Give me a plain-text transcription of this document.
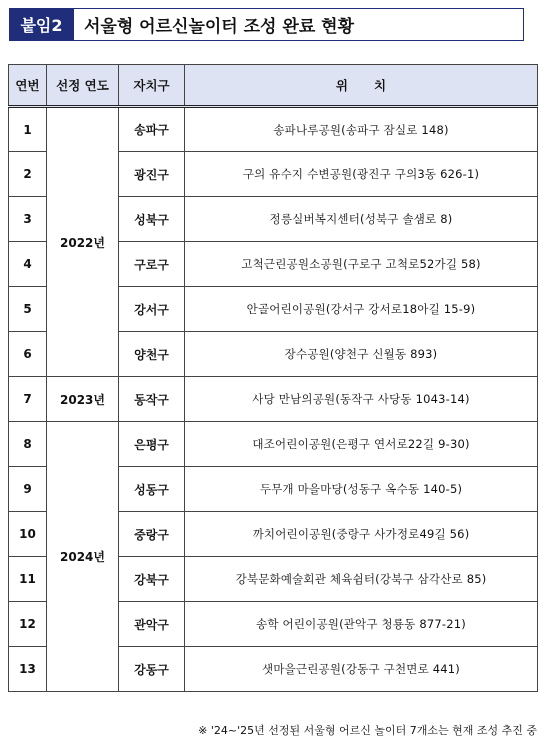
붙임2	서울형 어르신놀이터 조성 완료 현황
연번	선정 연도	자치구	위      치
1	2022년	송파구	송파나루공원(송파구 잠실로 148)
2		광진구	구의 유수지 수변공원(광진구 구의3동 626-1)
3		성북구	정릉실버복지센터(성북구 솔샘로 8)
4		구로구	고척근린공원소공원(구로구 고척로52가길 58)
5		강서구	안골어린이공원(강서구 강서로18아길 15-9)
6		양천구	장수공원(양천구 신월동 893)
7	2023년	동작구	사당 만남의공원(동작구 사당동 1043-14)
8	2024년	은평구	대조어린이공원(은평구 연서로22길 9-30)
9		성동구	두무개 마을마당(성동구 옥수동 140-5)
10		중랑구	까치어린이공원(중랑구 사가정로49길 56)
11		강북구	강북문화예술회관 체육쉼터(강북구 삼각산로 85)
12		관악구	송학 어린이공원(관악구 청룡동 877-21)
13		강동구	샛마을근린공원(강동구 구천면로 441)
※ '24~'25년 선정된 서울형 어르신 놀이터 7개소는 현재 조성 추진 중
